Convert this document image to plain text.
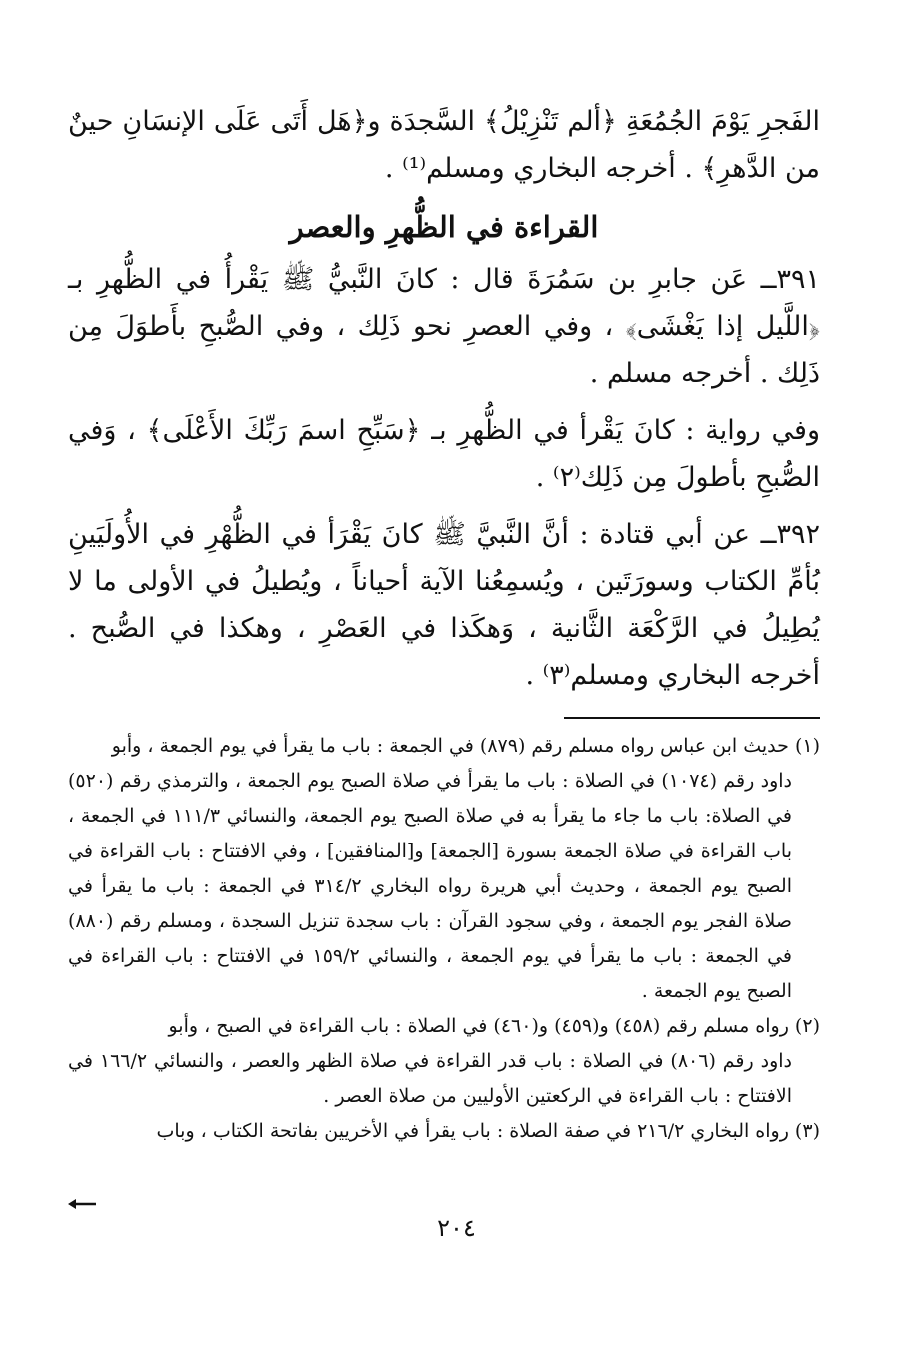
الفَجرِ يَوْمَ الجُمُعَةِ ﴿ألم تَنْزِيْلُ﴾ السَّجدَة و﴿هَل أَتَى عَلَى الإنسَانِ حينٌ من الدَّهرِ﴾ . أخرجه البخاري ومسلم⁽¹⁾ .

القراءة في الظُّهرِ والعصر

٣٩١ــ عَن جابرِ بن سَمُرَةَ قال : كانَ النَّبيُّ ﷺ يَقْرأُ في الظُّهرِ بـ ﴿اللَّيل إذا يَغْشَى﴾ ، وفي العصرِ نحو ذَلِك ، وفي الصُّبحِ بأَطوَلَ مِن ذَلِك . أخرجه مسلم .

وفي رواية : كانَ يَقْرأ في الظُّهرِ بـ ﴿سَبِّحِ اسمَ رَبِّكَ الأَعْلَى﴾ ، وَفي الصُّبحِ بأطولَ مِن ذَلِك⁽٢⁾ .

٣٩٢ــ عن أبي قتادة : أنَّ النَّبيَّ ﷺ كانَ يَقْرَأ في الظُّهْرِ في الأُولَيَينِ بُأمِّ الكتاب وسورَتَين ، ويُسمِعُنا الآية أحياناً ، ويُطيلُ في الأولى ما لا يُطِيلُ في الرَّكْعَة الثَّانية ، وَهكَذا في العَصْرِ ، وهكذا في الصُّبح . أخرجه البخاري ومسلم⁽٣⁾ .

(١) حديث ابن عباس رواه مسلم رقم (٨٧٩) في الجمعة : باب ما يقرأ في يوم الجمعة ، وأبو

داود رقم (١٠٧٤) في الصلاة : باب ما يقرأ في صلاة الصبح يوم الجمعة ، والترمذي رقم (٥٢٠) في الصلاة: باب ما جاء ما يقرأ به في صلاة الصبح يوم الجمعة، والنسائي ١١١/٣ في الجمعة ، باب القراءة في صلاة الجمعة بسورة [الجمعة] و[المنافقين] ، وفي الافتتاح : باب القراءة في الصبح يوم الجمعة ، وحديث أبي هريرة رواه البخاري ٣١٤/٢ في الجمعة : باب ما يقرأ في صلاة الفجر يوم الجمعة ، وفي سجود القرآن : باب سجدة تنزيل السجدة ، ومسلم رقم (٨٨٠) في الجمعة : باب ما يقرأ في يوم الجمعة ، والنسائي ١٥٩/٢ في الافتتاح : باب القراءة في الصبح يوم الجمعة .

(٢) رواه مسلم رقم (٤٥٨) و(٤٥٩) و(٤٦٠) في الصلاة : باب القراءة في الصبح ، وأبو

داود رقم (٨٠٦) في الصلاة : باب قدر القراءة في صلاة الظهر والعصر ، والنسائي ١٦٦/٢ في الافتتاح : باب القراءة في الركعتين الأوليين من صلاة العصر .

(٣) رواه البخاري ٢١٦/٢ في صفة الصلاة : باب يقرأ في الأخريين بفاتحة الكتاب ، وباب

٢٠٤
